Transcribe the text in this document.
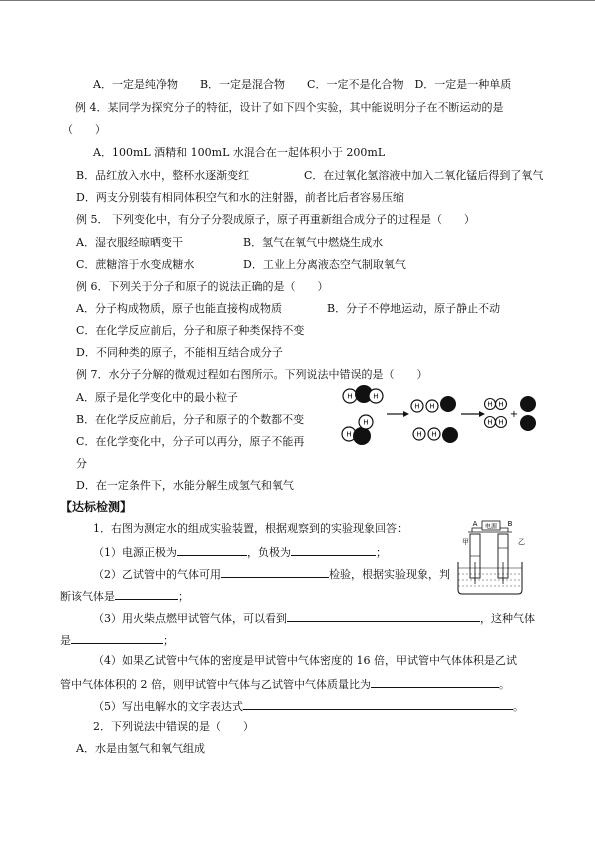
A．一定是纯净物　　B．一定是混合物　　C．一定不是化合物　D．一定是一种单质
例 4．某同学为探究分子的特征，设计了如下四个实验，其中能说明分子在不断运动的是
（　　）
A．100mL 酒精和 100mL 水混合在一起体积小于 200mL
B．品红放入水中，整杯水逐渐变红	C．在过氧化氢溶液中加入二氧化锰后得到了氧气
D．两支分别装有相同体积空气和水的注射器，前者比后者容易压缩
例 5． 下列变化中，有分子分裂成原子，原子再重新组合成分子的过程是（　　）
A．湿衣服经晾晒变干	B．氢气在氧气中燃烧生成水
C．蔗糖溶于水变成糖水	D．工业上分离液态空气制取氧气
例 6．下列关于分子和原子的说法正确的是（　　）
A．分子构成物质，原子也能直接构成物质	B．分子不停地运动，原子静止不动
C．在化学反应前后，分子和原子种类保持不变
D．不同种类的原子，不能相互结合成分子
例 7．水分子分解的微观过程如右图所示。下列说法中错误的是（　　）
A．原子是化学变化中的最小粒子
B．在化学反应前后，分子和原子的个数都不变
C．在化学变化中，分子可以再分，原子不能再
分
D．在一定条件下，水能分解生成氢气和氧气
H	H
H
H
H H
H H
H H
H H
+
【达标检测】
1．右图为测定水的组成实验装置，根据观察到的实验现象回答：
（1）电源正极为	，负极为	；
（2）乙试管中的气体可用	检验，根据实验现象，判
断该气体是	；
（3）用火柴点燃甲试管气体，可以看到	，这种气体
是	；
（4）如果乙试管中气体的密度是甲试管中气体密度的 16 倍，甲试管中气体体积是乙试
管中气体体积的 2 倍，则甲试管中气体与乙试管中气体质量比为	。
（5）写出电解水的文字表达式	。
A	B
电源
甲	乙
2．下列说法中错误的是（　　）
A．水是由氢气和氧气组成
